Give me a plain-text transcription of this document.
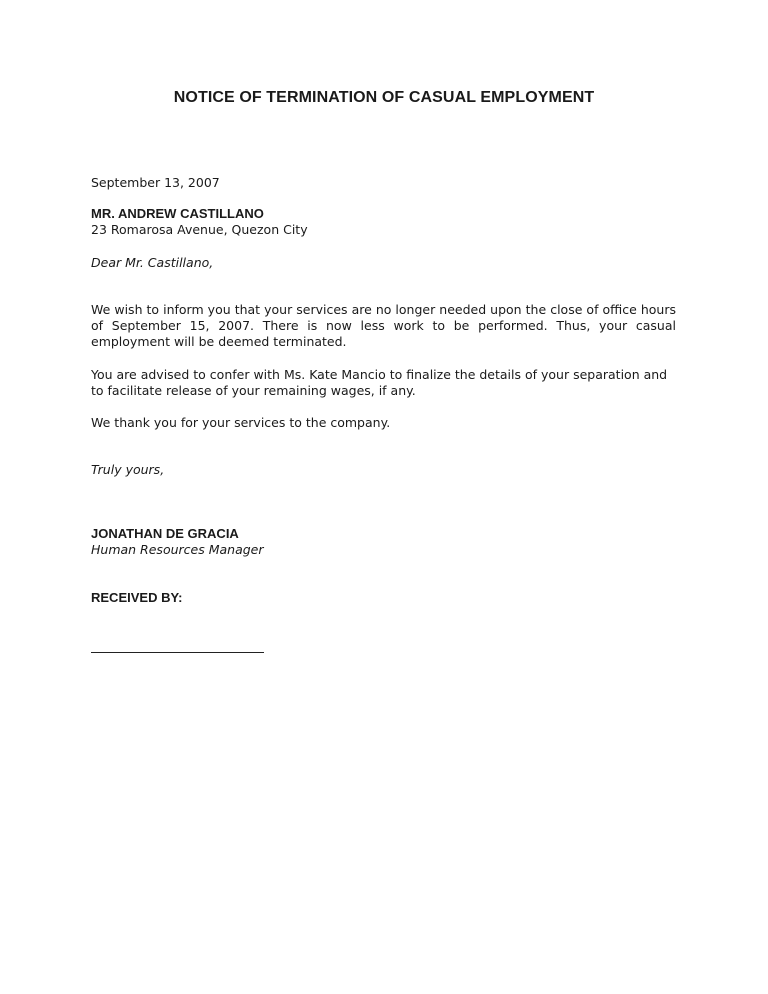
NOTICE OF TERMINATION OF CASUAL EMPLOYMENT
September 13, 2007
MR. ANDREW CASTILLANO
23 Romarosa Avenue, Quezon City
Dear Mr. Castillano,

We wish to inform you that your services are no longer needed upon the close of office hours of September 15, 2007. There is now less work to be performed. Thus, your casual employment will be deemed terminated.

You are advised to confer with Ms. Kate Mancio to finalize the details of your separation and to facilitate release of your remaining wages, if any.

We thank you for your services to the company.

Truly yours,
JONATHAN DE GRACIA
Human Resources Manager
RECEIVED BY:
